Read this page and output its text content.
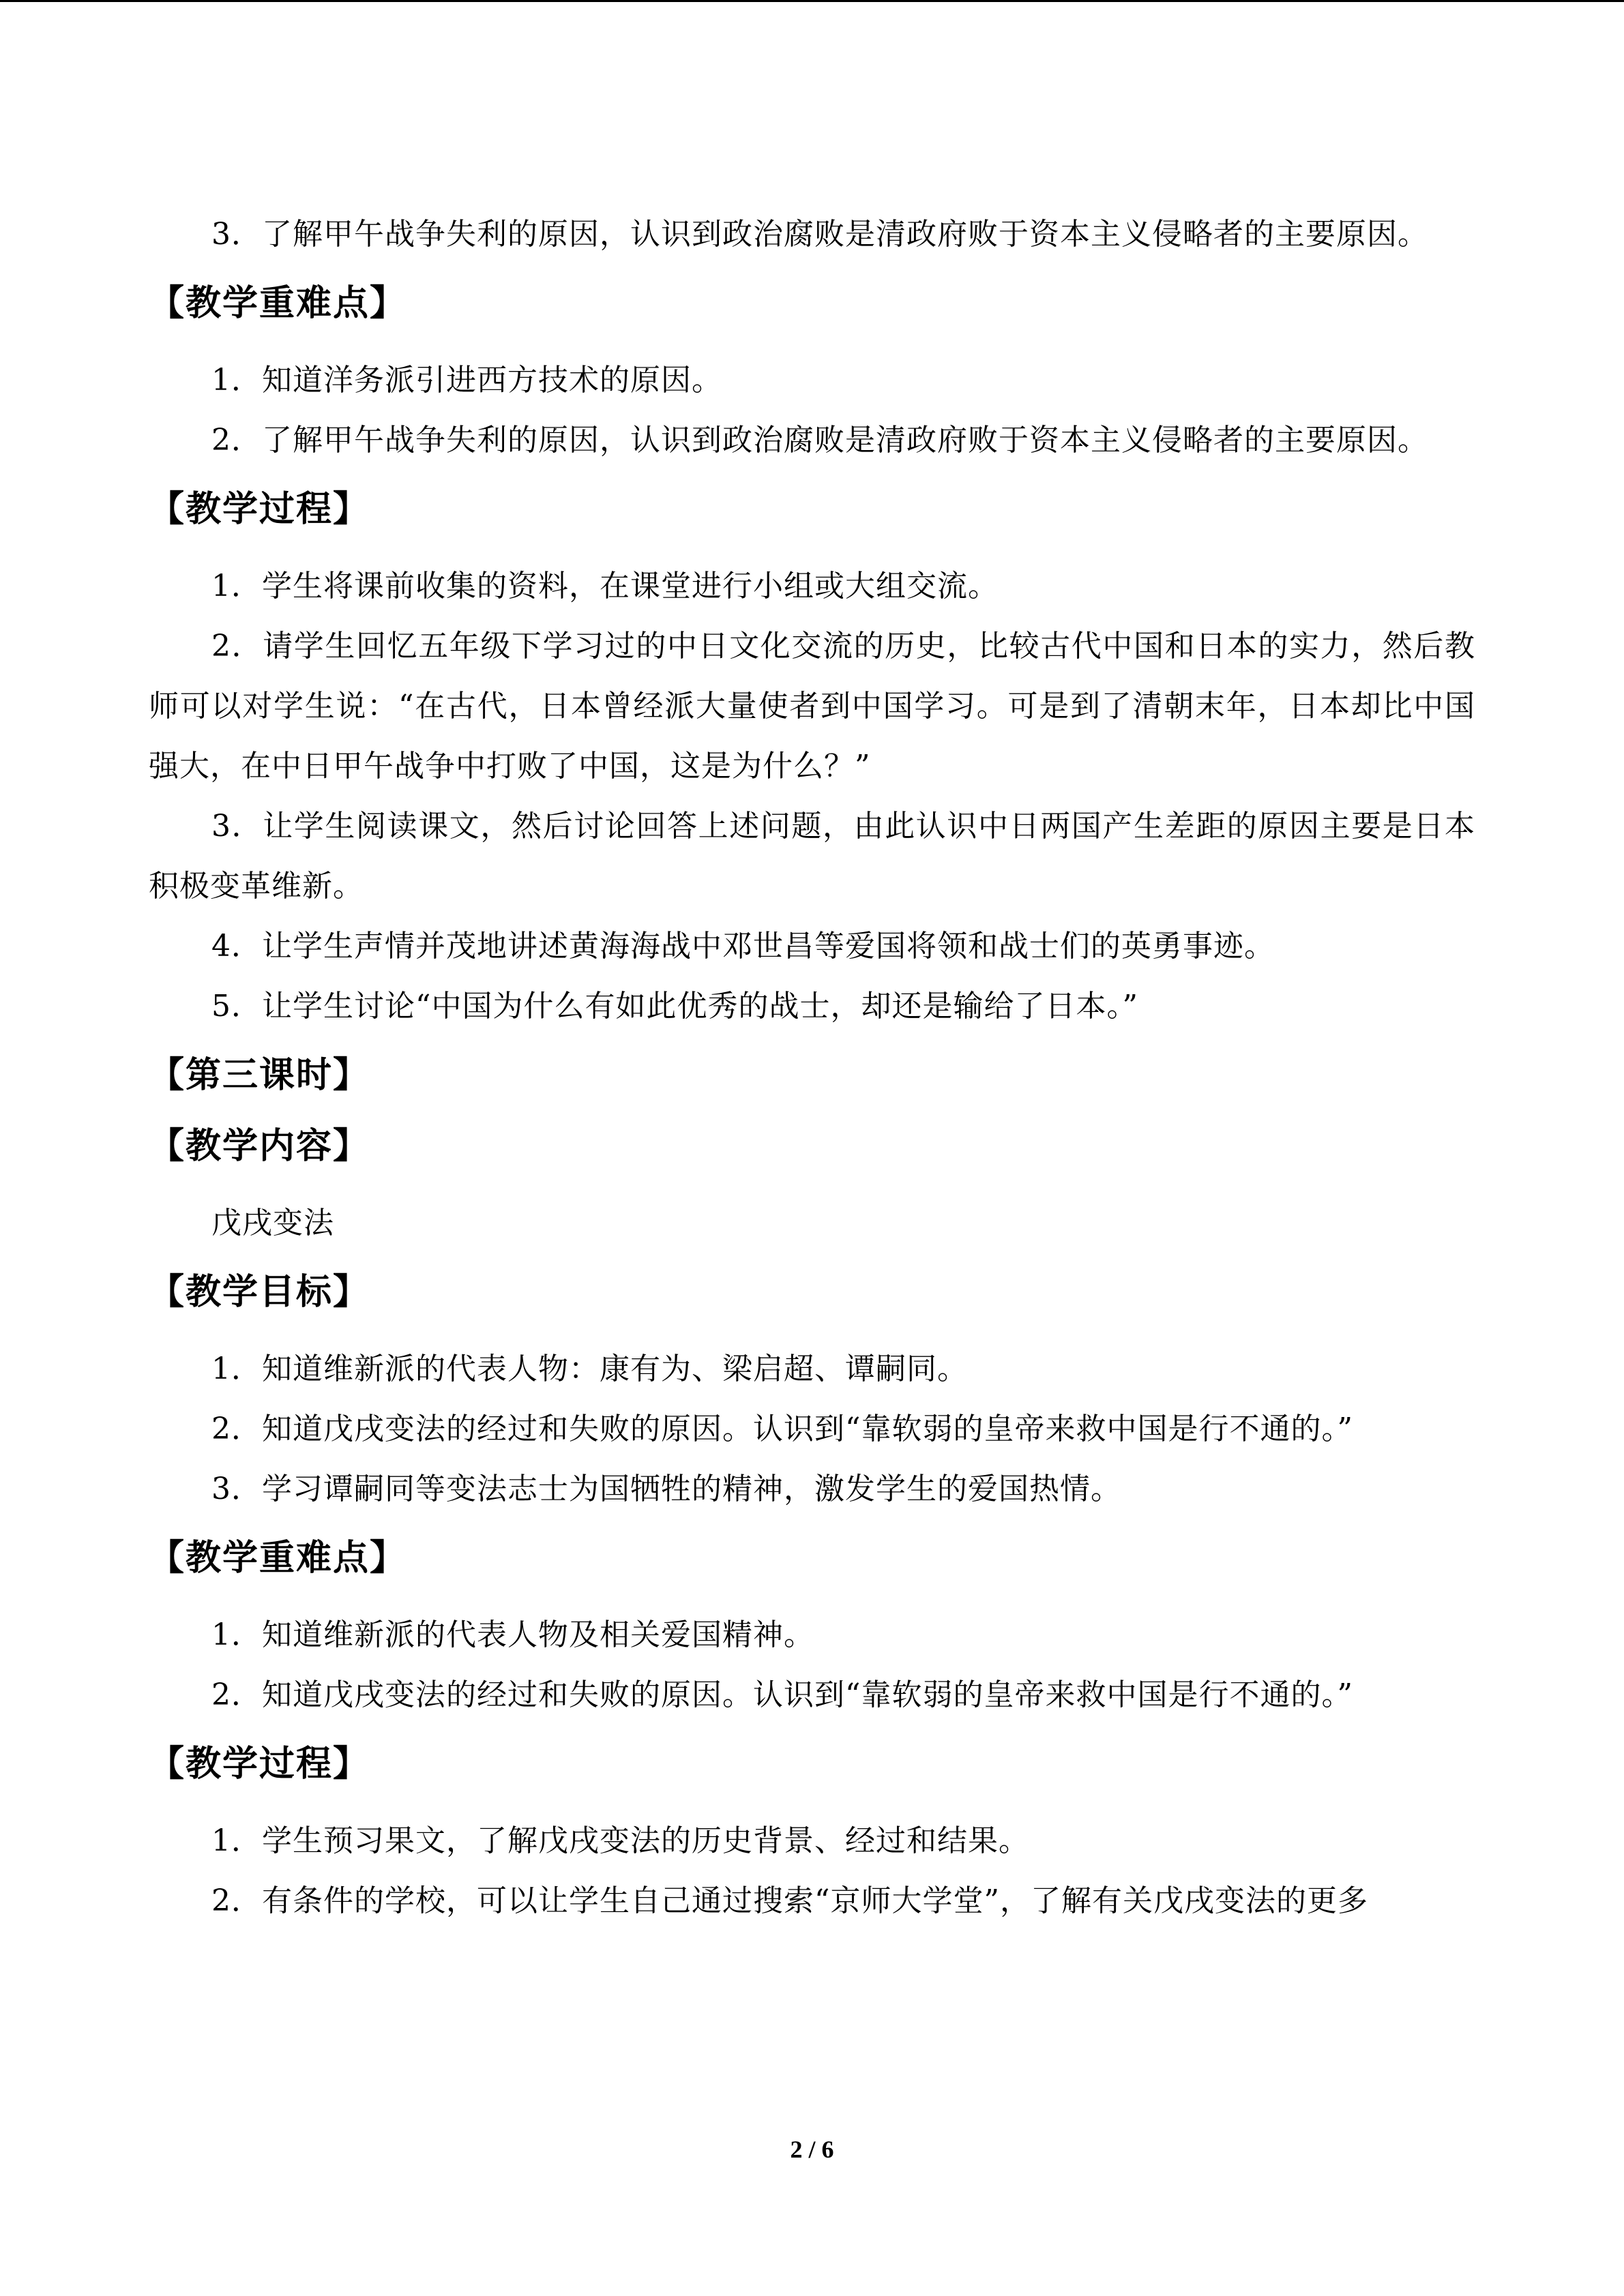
3．了解甲午战争失利的原因，认识到政治腐败是清政府败于资本主义侵略者的主要原因。

【教学重难点】

1．知道洋务派引进西方技术的原因。

2．了解甲午战争失利的原因，认识到政治腐败是清政府败于资本主义侵略者的主要原因。

【教学过程】

1．学生将课前收集的资料，在课堂进行小组或大组交流。

2．请学生回忆五年级下学习过的中日文化交流的历史，比较古代中国和日本的实力，然后教师可以对学生说：“在古代，日本曾经派大量使者到中国学习。可是到了清朝末年，日本却比中国强大，在中日甲午战争中打败了中国，这是为什么？”

3．让学生阅读课文，然后讨论回答上述问题，由此认识中日两国产生差距的原因主要是日本积极变革维新。

4．让学生声情并茂地讲述黄海海战中邓世昌等爱国将领和战士们的英勇事迹。

5．让学生讨论“中国为什么有如此优秀的战士，却还是输给了日本。”

【第三课时】
【教学内容】

戊戌变法

【教学目标】

1．知道维新派的代表人物：康有为、梁启超、谭嗣同。

2．知道戊戌变法的经过和失败的原因。认识到“靠软弱的皇帝来救中国是行不通的。”

3．学习谭嗣同等变法志士为国牺牲的精神，激发学生的爱国热情。

【教学重难点】

1．知道维新派的代表人物及相关爱国精神。

2．知道戊戌变法的经过和失败的原因。认识到“靠软弱的皇帝来救中国是行不通的。”

【教学过程】

1．学生预习果文，了解戊戌变法的历史背景、经过和结果。

2．有条件的学校，可以让学生自己通过搜索“京师大学堂”，了解有关戊戌变法的更多

2 / 6
